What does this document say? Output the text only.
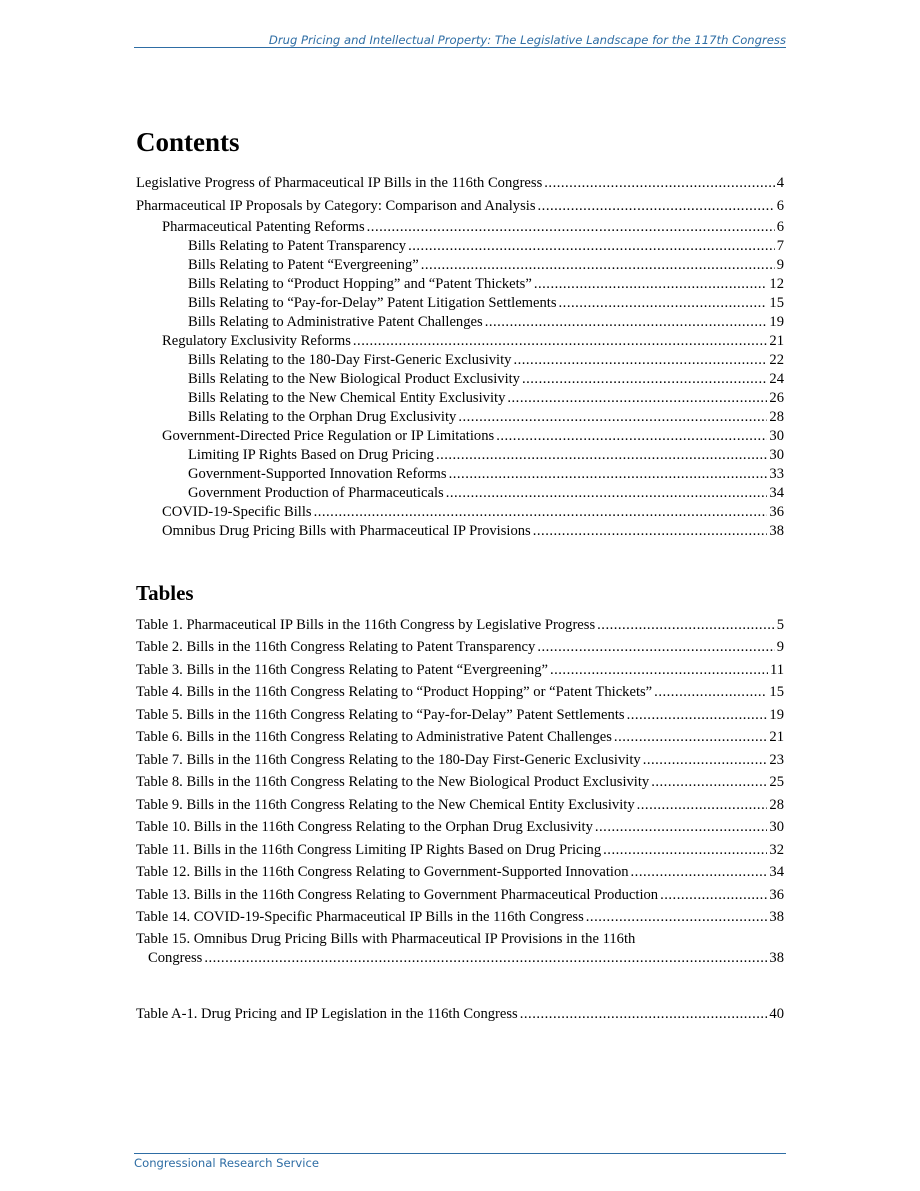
Drug Pricing and Intellectual Property: The Legislative Landscape for the 117th Congress
Contents
Legislative Progress of Pharmaceutical IP Bills in the 116th Congress .....	4
Pharmaceutical IP Proposals by Category: Comparison and Analysis .....	6
Pharmaceutical Patenting Reforms .....	6
Bills Relating to Patent Transparency .....	7
Bills Relating to Patent “Evergreening” .....	9
Bills Relating to “Product Hopping” and “Patent Thickets” .....	12
Bills Relating to “Pay-for-Delay” Patent Litigation Settlements .....	15
Bills Relating to Administrative Patent Challenges .....	19
Regulatory Exclusivity Reforms .....	21
Bills Relating to the 180-Day First-Generic Exclusivity .....	22
Bills Relating to the New Biological Product Exclusivity .....	24
Bills Relating to the New Chemical Entity Exclusivity .....	26
Bills Relating to the Orphan Drug Exclusivity .....	28
Government-Directed Price Regulation or IP Limitations .....	30
Limiting IP Rights Based on Drug Pricing .....	30
Government-Supported Innovation Reforms .....	33
Government Production of Pharmaceuticals .....	34
COVID-19-Specific Bills .....	36
Omnibus Drug Pricing Bills with Pharmaceutical IP Provisions .....	38
Tables
Table 1. Pharmaceutical IP Bills in the 116th Congress by Legislative Progress .....	5
Table 2. Bills in the 116th Congress Relating to Patent Transparency .....	9
Table 3. Bills in the 116th Congress Relating to Patent “Evergreening” .....	11
Table 4. Bills in the 116th Congress Relating to “Product Hopping” or “Patent Thickets” .....	15
Table 5. Bills in the 116th Congress Relating to “Pay-for-Delay” Patent Settlements .....	19
Table 6. Bills in the 116th Congress Relating to Administrative Patent Challenges .....	21
Table 7. Bills in the 116th Congress Relating to the 180-Day First-Generic Exclusivity .....	23
Table 8. Bills in the 116th Congress Relating to the New Biological Product Exclusivity .....	25
Table 9. Bills in the 116th Congress Relating to the New Chemical Entity Exclusivity .....	28
Table 10. Bills in the 116th Congress Relating to the Orphan Drug Exclusivity .....	30
Table 11. Bills in the 116th Congress Limiting IP Rights Based on Drug Pricing .....	32
Table 12. Bills in the 116th Congress Relating to Government-Supported Innovation .....	34
Table 13. Bills in the 116th Congress Relating to Government Pharmaceutical Production .....	36
Table 14. COVID-19-Specific Pharmaceutical IP Bills in the 116th Congress .....	38
Table 15. Omnibus Drug Pricing Bills with Pharmaceutical IP Provisions in the 116th
Congress .....	38
Table A-1. Drug Pricing and IP Legislation in the 116th Congress .....	40
Congressional Research Service
